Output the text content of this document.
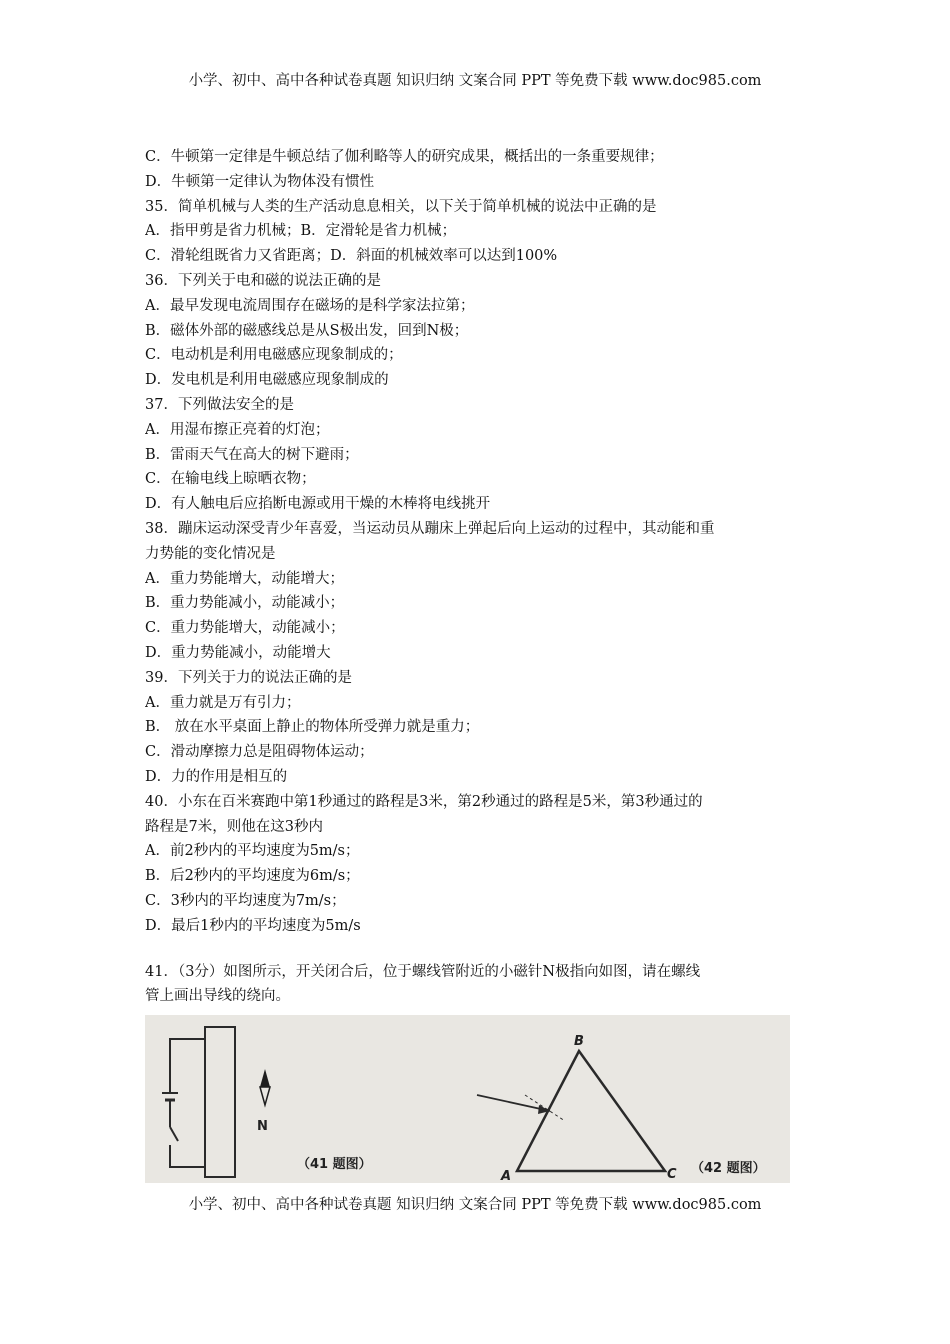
小学、初中、高中各种试卷真题 知识归纳 文案合同 PPT 等免费下载 www.doc985.com
C．牛顿第一定律是牛顿总结了伽利略等人的研究成果，概括出的一条重要规律；
D．牛顿第一定律认为物体没有惯性
35．简单机械与人类的生产活动息息相关，以下关于简单机械的说法中正确的是
A．指甲剪是省力机械；B．定滑轮是省力机械；
C．滑轮组既省力又省距离；D．斜面的机械效率可以达到100%
36．下列关于电和磁的说法正确的是
A．最早发现电流周围存在磁场的是科学家法拉第；
B．磁体外部的磁感线总是从S极出发，回到N极；
C．电动机是利用电磁感应现象制成的；
D．发电机是利用电磁感应现象制成的
37．下列做法安全的是
A．用湿布擦正亮着的灯泡；
B．雷雨天气在高大的树下避雨；
C．在输电线上晾晒衣物；
D．有人触电后应掐断电源或用干燥的木棒将电线挑开
38．蹦床运动深受青少年喜爱，当运动员从蹦床上弹起后向上运动的过程中，其动能和重
力势能的变化情况是
A．重力势能增大，动能增大；
B．重力势能减小，动能减小；
C．重力势能增大，动能减小；
D．重力势能减小，动能增大
39．下列关于力的说法正确的是
A．重力就是万有引力；
B． 放在水平桌面上静止的物体所受弹力就是重力；
C．滑动摩擦力总是阻碍物体运动；
D．力的作用是相互的
40．小东在百米赛跑中第1秒通过的路程是3米，第2秒通过的路程是5米，第3秒通过的
路程是7米，则他在这3秒内
A．前2秒内的平均速度为5m/s；
B．后2秒内的平均速度为6m/s；
C．3秒内的平均速度为7m/s；
D．最后1秒内的平均速度为5m/s
41．（3分）如图所示，开关闭合后，位于螺线管附近的小磁针N极指向如图，请在螺线
管上画出导线的绕向。
N
（41 题图）
B
A	C （42 题图）
小学、初中、高中各种试卷真题 知识归纳 文案合同 PPT 等免费下载 www.doc985.com
